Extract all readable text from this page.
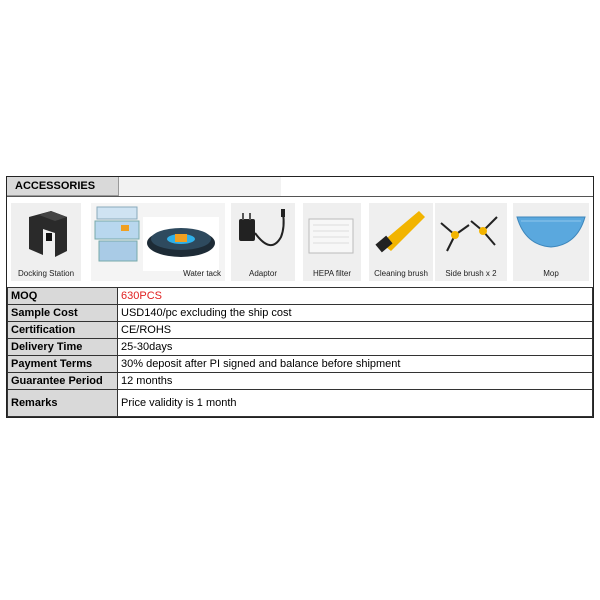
ACCESSORIES
Docking Station	Water tack	Adaptor	HEPA filter	Cleaning brush	Side brush x 2	Mop
MOQ	630PCS
Sample Cost	USD140/pc excluding the ship cost
Certification	CE/ROHS
Delivery Time	25-30days
Payment Terms	30% deposit after PI signed and balance before shipment
Guarantee Period	12 months
Remarks	Price validity is 1 month
